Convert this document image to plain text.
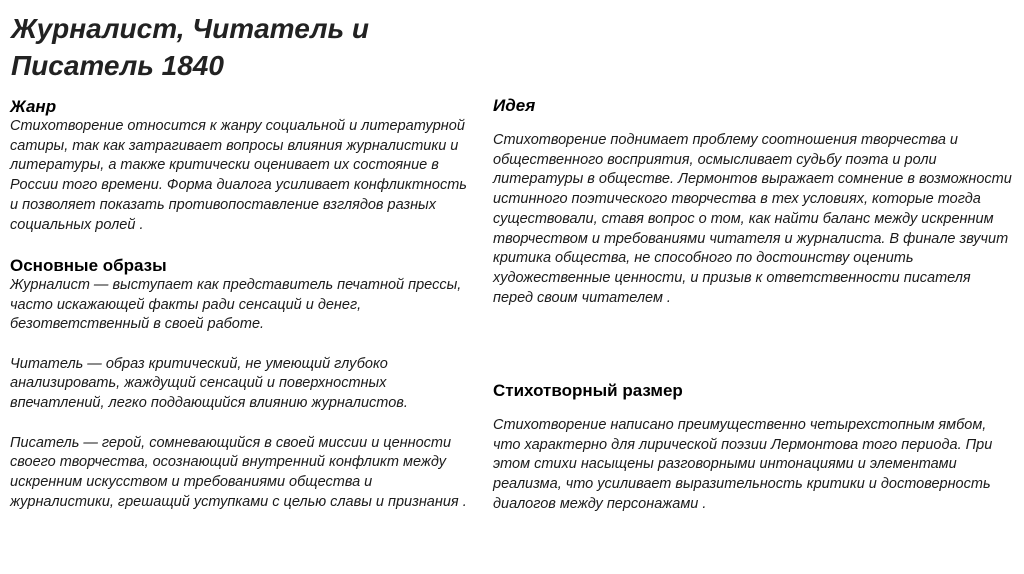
Журналист, Читатель и Писатель 1840

Жанр

Стихотворение относится к жанру социальной и литературной сатиры, так как затрагивает вопросы влияния журналистики и литературы, а также критически оценивает их состояние в России того времени. Форма диалога усиливает конфликтность и позволяет показать противопоставление взглядов разных социальных ролей .

Основные образы

Журналист — выступает как представитель печатной прессы, часто искажающей факты ради сенсаций и денег, безответственный в своей работе.

Читатель — образ критический, не умеющий глубоко анализировать, жаждущий сенсаций и поверхностных впечатлений, легко поддающийся влиянию журналистов.

Писатель — герой, сомневающийся в своей миссии и ценности своего творчества, осознающий внутренний конфликт между искренним искусством и требованиями общества и журналистики, грешащий уступками с целью славы и признания .

Идея

Стихотворение поднимает проблему соотношения творчества и общественного восприятия, осмысливает судьбу поэта и роли литературы в обществе. Лермонтов выражает сомнение в возможности истинного поэтического творчества в тех условиях, которые тогда существовали, ставя вопрос о том, как найти баланс между искренним творчеством и требованиями читателя и журналиста. В финале звучит критика общества, не способного по достоинству оценить художественные ценности, и призыв к ответственности писателя перед своим читателем .

Стихотворный размер

Стихотворение написано преимущественно четырехстопным ямбом, что характерно для лирической поэзии Лермонтова того периода. При этом стихи насыщены разговорными интонациями и элементами реализма, что усиливает выразительность критики и достоверность диалогов между персонажами .
